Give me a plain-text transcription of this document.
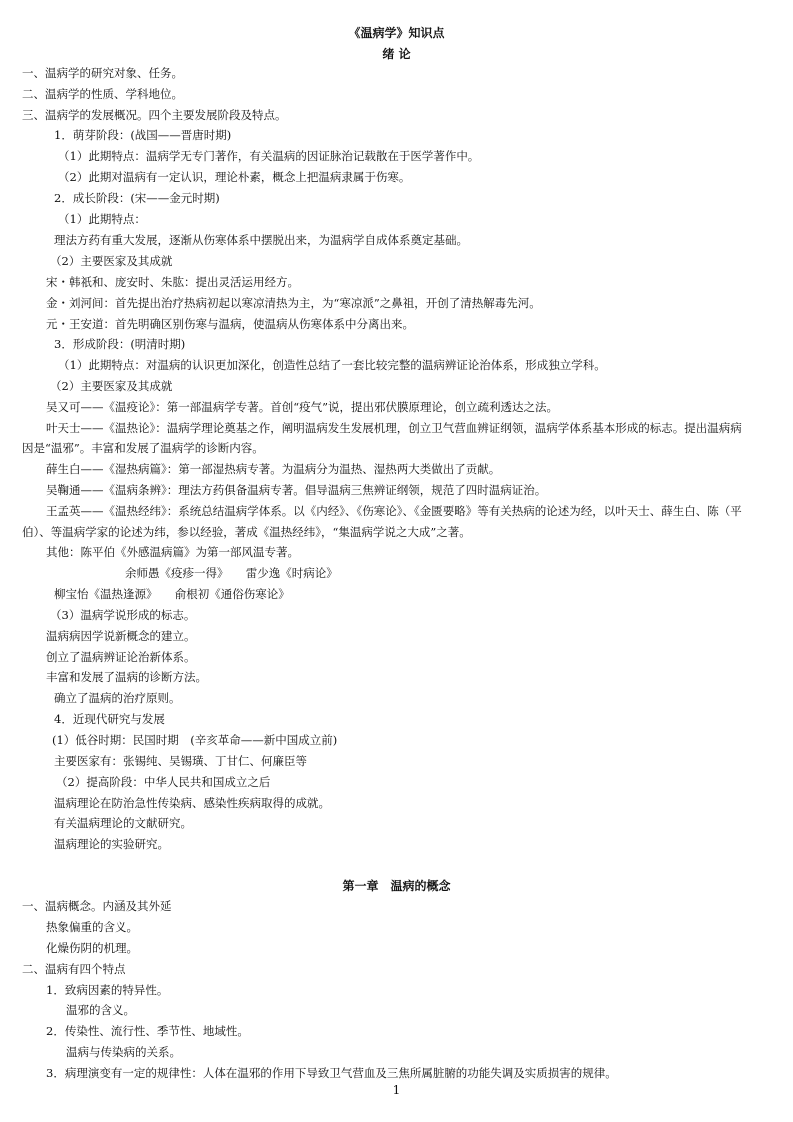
《温病学》知识点
绪 论
第一章　温病的概念
一、温病学的研究对象、任务。
二、温病学的性质、学科地位。
三、温病学的发展概况。四个主要发展阶段及特点。
1．萌芽阶段：(战国——晋唐时期)
（1）此期特点：温病学无专门著作，有关温病的因证脉治记载散在于医学著作中。
（2）此期对温病有一定认识，理论朴素，概念上把温病隶属于伤寒。
2．成长阶段：(宋——金元时期)
（1）此期特点：
理法方药有重大发展，逐渐从伤寒体系中摆脱出来，为温病学自成体系奠定基础。
（2）主要医家及其成就
宋・韩祇和、庞安时、朱肱：提出灵活运用经方。
金・刘河间：首先提出治疗热病初起以寒凉清热为主，为“寒凉派”之鼻祖，开创了清热解毒先河。
元・王安道：首先明确区别伤寒与温病，使温病从伤寒体系中分离出来。
3．形成阶段：(明清时期)
（1）此期特点：对温病的认识更加深化，创造性总结了一套比较完整的温病辨证论治体系，形成独立学科。
（2）主要医家及其成就
吴又可——《温疫论》：第一部温病学专著。首创“疫气”说，提出邪伏膜原理论，创立疏利透达之法。
叶天士——《温热论》：温病学理论奠基之作，阐明温病发生发展机理，创立卫气营血辨证纲领，温病学体系基本形成的标志。提出温病病
因是“温邪”。丰富和发展了温病学的诊断内容。
薛生白——《湿热病篇》：第一部湿热病专著。为温病分为温热、湿热两大类做出了贡献。
吴鞠通——《温病条辨》：理法方药俱备温病专著。倡导温病三焦辨证纲领，规范了四时温病证治。
王孟英——《温热经纬》：系统总结温病学体系。以《内经》、《伤寒论》、《金匮要略》等有关热病的论述为经，以叶天士、薛生白、陈（平
伯）、等温病学家的论述为纬，参以经验，著成《温热经纬》，“集温病学说之大成”之著。
其他：陈平伯《外感温病篇》为第一部风温专著。
余师愚《疫疹一得》　　雷少逸《时病论》
柳宝怡《温热逢源》　　俞根初《通俗伤寒论》
（3）温病学说形成的标志。
温病病因学说新概念的建立。
创立了温病辨证论治新体系。
丰富和发展了温病的诊断方法。
确立了温病的治疗原则。
4．近现代研究与发展
(1）低谷时期：民国时期　(辛亥革命——新中国成立前)
主要医家有：张锡纯、吴锡璜、丁甘仁、何廉臣等
（2）提高阶段：中华人民共和国成立之后
温病理论在防治急性传染病、感染性疾病取得的成就。
有关温病理论的文献研究。
温病理论的实验研究。
一、温病概念。内涵及其外延
热象偏重的含义。
化燥伤阴的机理。
二、温病有四个特点
1．致病因素的特异性。
温邪的含义。
2．传染性、流行性、季节性、地域性。
温病与传染病的关系。
3．病理演变有一定的规律性：人体在温邪的作用下导致卫气营血及三焦所属脏腑的功能失调及实质损害的规律。
1
